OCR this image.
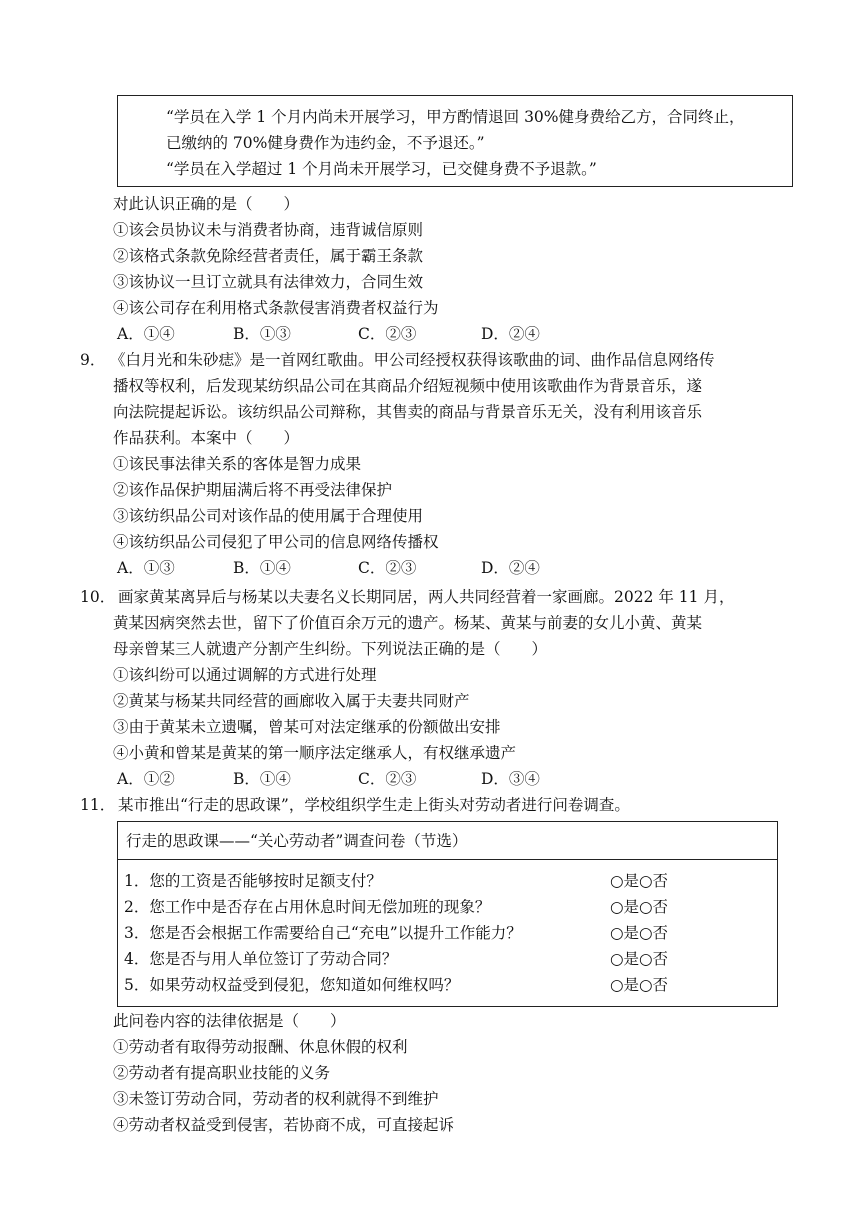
“学员在入学 1 个月内尚未开展学习，甲方酌情退回 30%健身费给乙方，合同终止，
已缴纳的 70%健身费作为违约金，不予退还。”
“学员在入学超过 1 个月尚未开展学习，已交健身费不予退款。”
对此认识正确的是（　　）
①该会员协议未与消费者协商，违背诚信原则
②该格式条款免除经营者责任，属于霸王条款
③该协议一旦订立就具有法律效力，合同生效
④该公司存在利用格式条款侵害消费者权益行为
A．①④	B．①③	C．②③	D．②④
9． 《白月光和朱砂痣》是一首网红歌曲。甲公司经授权获得该歌曲的词、曲作品信息网络传
播权等权利，后发现某纺织品公司在其商品介绍短视频中使用该歌曲作为背景音乐，遂
向法院提起诉讼。该纺织品公司辩称，其售卖的商品与背景音乐无关，没有利用该音乐
作品获利。本案中（　　）
①该民事法律关系的客体是智力成果
②该作品保护期届满后将不再受法律保护
③该纺织品公司对该作品的使用属于合理使用
④该纺织品公司侵犯了甲公司的信息网络传播权
A．①③	B．①④	C．②③	D．②④
10． 画家黄某离异后与杨某以夫妻名义长期同居，两人共同经营着一家画廊。2022 年 11 月，
黄某因病突然去世，留下了价值百余万元的遗产。杨某、黄某与前妻的女儿小黄、黄某
母亲曾某三人就遗产分割产生纠纷。下列说法正确的是（　　）
①该纠纷可以通过调解的方式进行处理
②黄某与杨某共同经营的画廊收入属于夫妻共同财产
③由于黄某未立遗嘱，曾某可对法定继承的份额做出安排
④小黄和曾某是黄某的第一顺序法定继承人，有权继承遗产
A．①②	B．①④	C．②③	D．③④
11． 某市推出“行走的思政课”，学校组织学生走上街头对劳动者进行问卷调查。
行走的思政课——“关心劳动者”调查问卷（节选）
1．您的工资是否能够按时足额支付？	○是○否
2．您工作中是否存在占用休息时间无偿加班的现象？	○是○否
3．您是否会根据工作需要给自己“充电”以提升工作能力？	○是○否
4．您是否与用人单位签订了劳动合同？	○是○否
5．如果劳动权益受到侵犯，您知道如何维权吗？	○是○否
此问卷内容的法律依据是（　　）
①劳动者有取得劳动报酬、休息休假的权利
②劳动者有提高职业技能的义务
③未签订劳动合同，劳动者的权利就得不到维护
④劳动者权益受到侵害，若协商不成，可直接起诉
